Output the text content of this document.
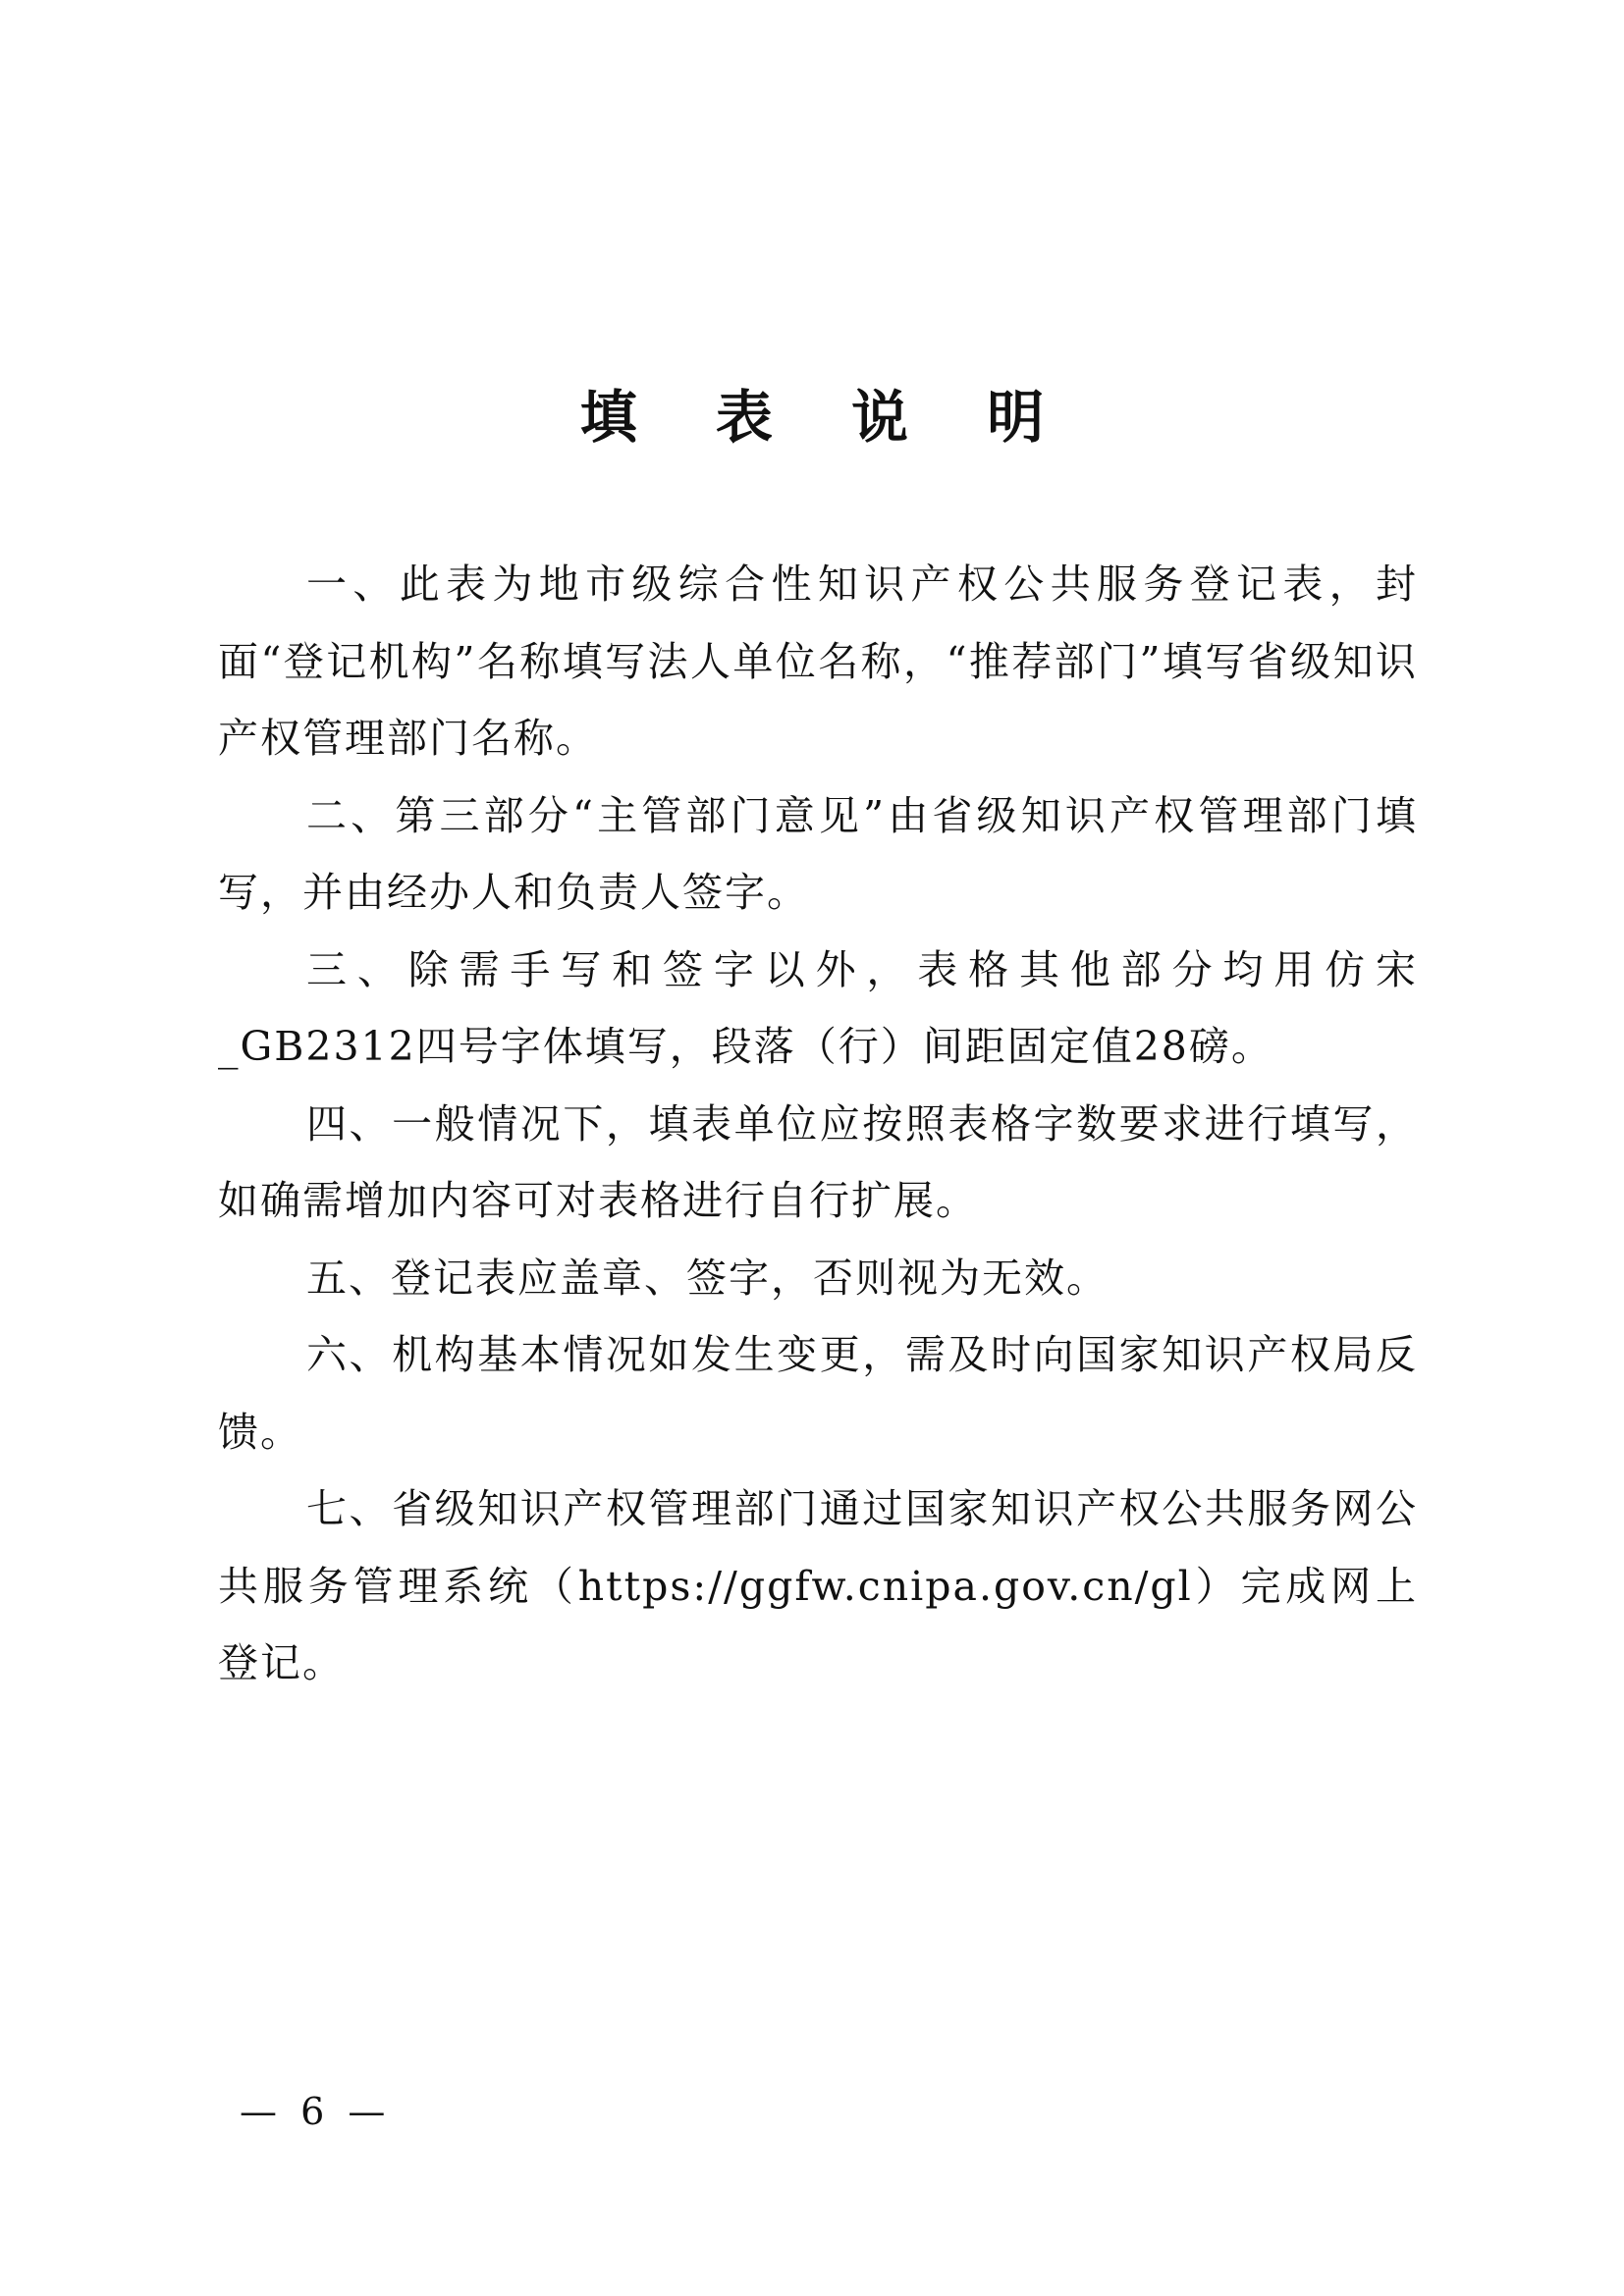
填 表 说 明

一、此表为地市级综合性知识产权公共服务登记表，封面“登记机构”名称填写法人单位名称，“推荐部门”填写省级知识产权管理部门名称。

二、第三部分“主管部门意见”由省级知识产权管理部门填写，并由经办人和负责人签字。

三、除需手写和签字以外，表格其他部分均用仿宋_GB2312四号字体填写，段落（行）间距固定值28磅。

四、一般情况下，填表单位应按照表格字数要求进行填写，如确需增加内容可对表格进行自行扩展。

五、登记表应盖章、签字，否则视为无效。

六、机构基本情况如发生变更，需及时向国家知识产权局反馈。

七、省级知识产权管理部门通过国家知识产权公共服务网公共服务管理系统（https://ggfw.cnipa.gov.cn/gl）完成网上登记。

— 6 —
